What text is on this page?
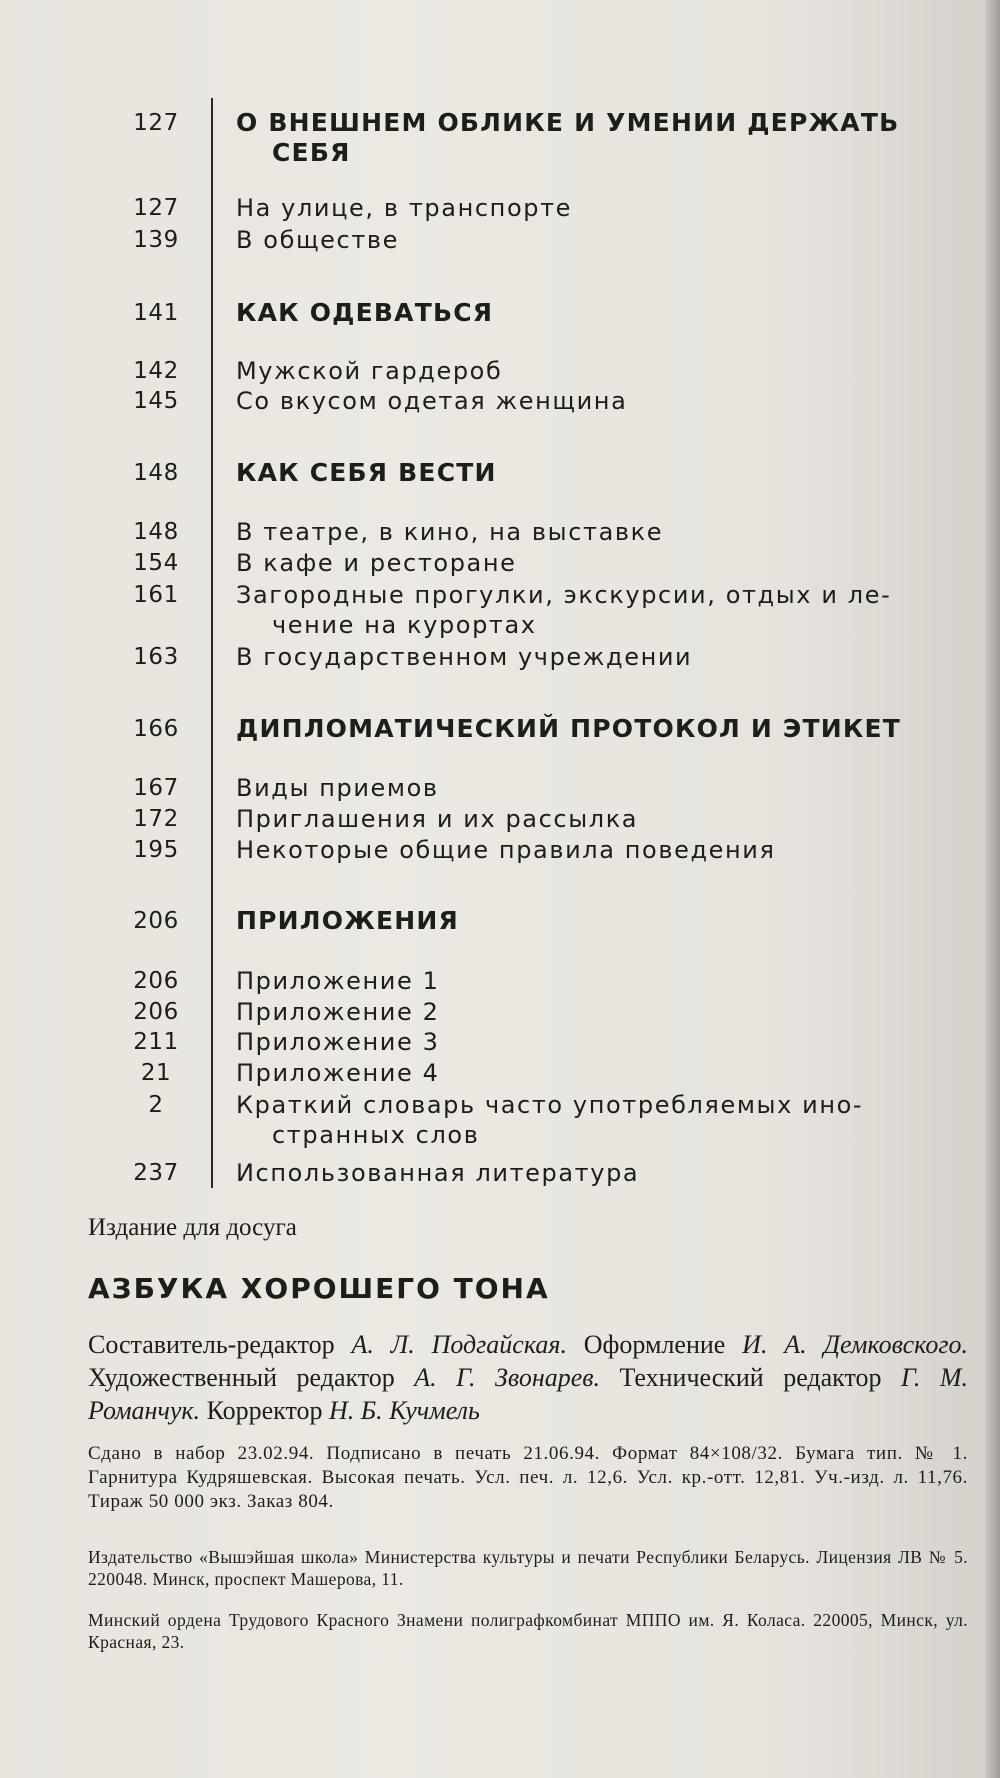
127	О ВНЕШНЕМ ОБЛИКЕ И УМЕНИИ ДЕРЖАТЬ
СЕБЯ
127	На улице, в транспорте
139	В обществе
141	КАК ОДЕВАТЬСЯ
142	Мужской гардероб
145	Со вкусом одетая женщина
148	КАК СЕБЯ ВЕСТИ
148	В театре, в кино, на выставке
154	В кафе и ресторане
161	Загородные прогулки, экскурсии, отдых и ле-
чение на курортах
163	В государственном учреждении
166	ДИПЛОМАТИЧЕСКИЙ ПРОТОКОЛ И ЭТИКЕТ
167	Виды приемов
172	Приглашения и их рассылка
195	Некоторые общие правила поведения
206	ПРИЛОЖЕНИЯ
206	Приложение 1
206	Приложение 2
211	Приложение 3
21	Приложение 4
2	Краткий словарь часто употребляемых ино-
странных слов
237	Использованная литература
Издание для досуга
АЗБУКА ХОРОШЕГО ТОНА
Составитель-редактор А. Л. Подгайская. Оформление И. А. Демковского. Художественный редактор А. Г. Звонарев. Технический редактор Г. М. Романчук. Корректор Н. Б. Кучмель
Сдано в набор 23.02.94. Подписано в печать 21.06.94. Формат 84×108/32. Бумага тип. № 1. Гарнитура Кудряшевская. Высокая печать. Усл. печ. л. 12,6. Усл. кр.-отт. 12,81. Уч.-изд. л. 11,76. Тираж 50 000 экз. Заказ 804.
Издательство «Вышэйшая школа» Министерства культуры и печати Республики Беларусь. Лицензия ЛВ № 5. 220048. Минск, проспект Машерова, 11.
Минский ордена Трудового Красного Знамени полиграфкомбинат МППО им. Я. Коласа. 220005, Минск, ул. Красная, 23.
